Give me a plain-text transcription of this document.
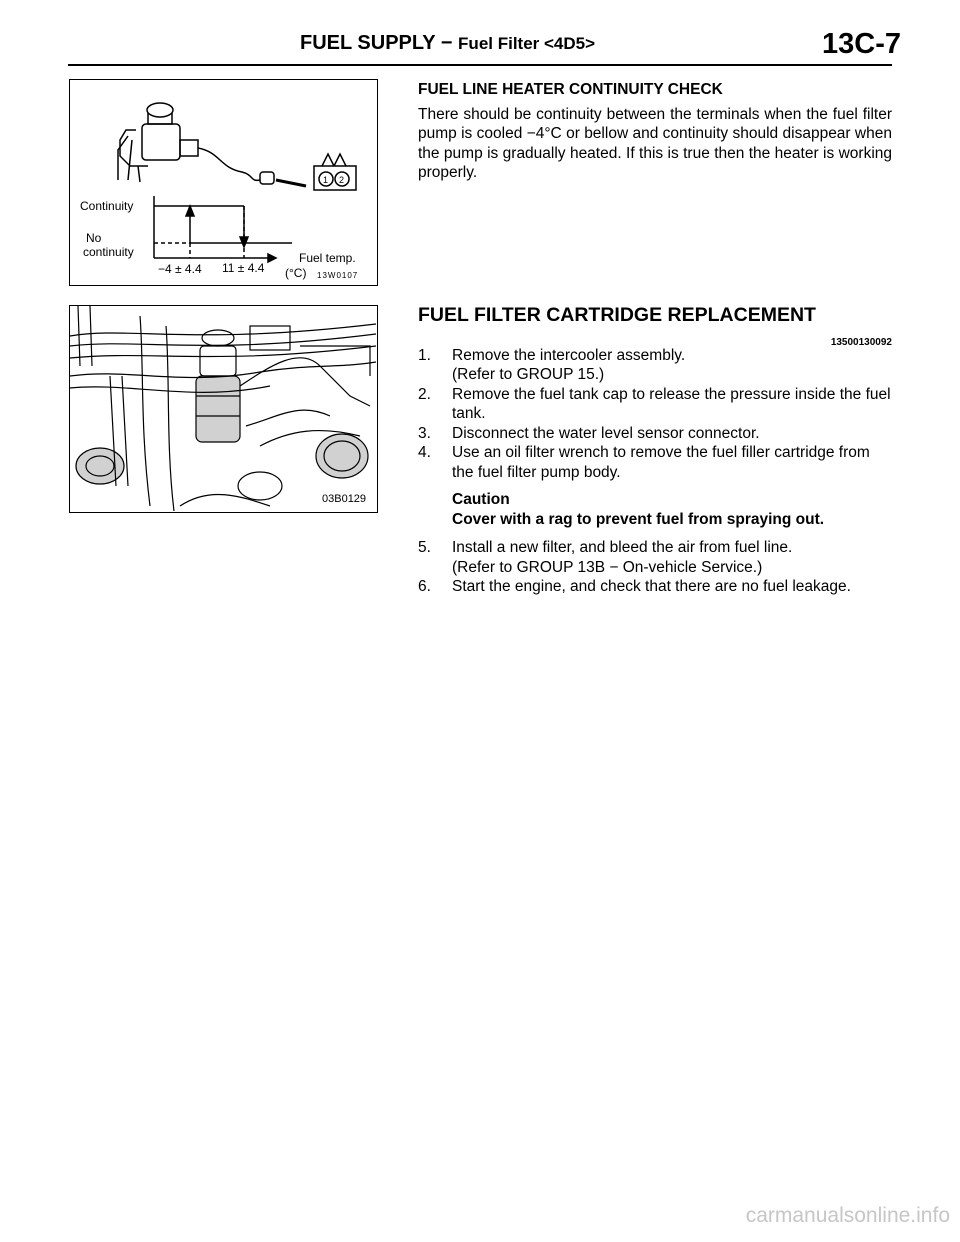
FUEL SUPPLY − Fuel Filter <4D5>	13C-7
Continuity
No
continuity
−4 ± 4.4 11 ± 4.4
Fuel temp.
(°C) 13W0107
1 2
03B0129
FUEL LINE HEATER CONTINUITY CHECK

There should be continuity between the terminals when the fuel filter pump is cooled −4°C or bellow and continuity should disappear when the pump is gradually heated. If this is true then the heater is working properly.

FUEL FILTER CARTRIDGE REPLACEMENT
13500130092
1. Remove the intercooler assembly.
(Refer to GROUP 15.)
2. Remove the fuel tank cap to release the pressure inside the fuel tank.
3. Disconnect the water level sensor connector.
4. Use an oil filter wrench to remove the fuel filler cartridge from the fuel filter pump body.
Caution
Cover with a rag to prevent fuel from spraying out.
5. Install a new filter, and bleed the air from fuel line.
(Refer to GROUP 13B − On-vehicle Service.)
6. Start the engine, and check that there are no fuel leakage.
carmanualsonline.info
